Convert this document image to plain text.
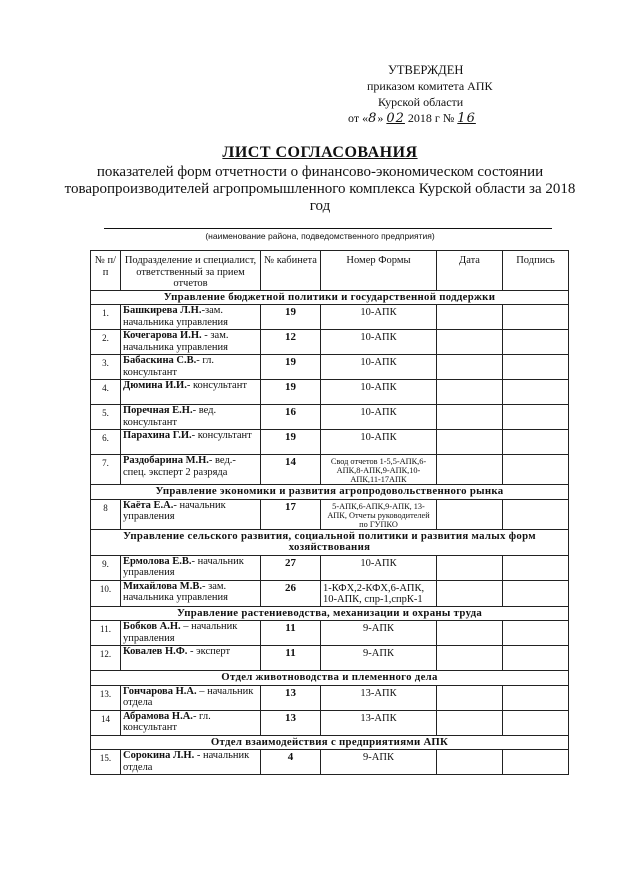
УТВЕРЖДЕН
приказом комитета АПК
Курской области
от «8» 02 2018 г № 16
ЛИСТ СОГЛАСОВАНИЯ
показателей форм отчетности о финансово-экономическом состоянии товаропроизводителей агропромышленного комплекса Курской области за 2018 год
(наименование района, подведомственного предприятия)
№ п/п	Подразделение и специалист, ответственный за прием отчетов	№ кабинета	Номер Формы	Дата	Подпись
Управление бюджетной политики и государственной поддержки					
1.	Башкирева Л.Н.-зам. начальника управления	19	10-АПК		
2.	Кочегарова И.Н. - зам. начальника управления	12	10-АПК		
3.	Бабаскина С.В.- гл. консультант	19	10-АПК		
4.	Дюмина И.И.- консультант	19	10-АПК		
5.	Поречная Е.Н.- вед. консультант	16	10-АПК		
6.	Парахина Г.И.- консультант	19	10-АПК		
7.	Раздобарина М.Н.- вед.-спец. эксперт 2 разряда	14	Свод отчетов 1-5,5-АПК,6-АПК,8-АПК,9-АПК,10-АПК,11-17АПК		
Управление экономики и развития агропродовольственного рынка					
8	Каёта Е.А.- начальник управления	17	5-АПК,6-АПК,9-АПК, 13-АПК, Отчеты руководителей по ГУПКО		
Управление сельского развития, социальной политики и развития малых форм хозяйствования					
9.	Ермолова Е.В.- начальник управления	27	10-АПК		
10.	Михайлова М.В.- зам. начальника управления	26	1-КФХ,2-КФХ,6-АПК, 10-АПК, спр-1,спрК-1		
Управление растениеводства, механизации и охраны труда					
11.	Бобков А.Н. – начальник управления	11	9-АПК		
12.	Ковалев Н.Ф. - эксперт	11	9-АПК		
Отдел животноводства и племенного дела					
13.	Гончарова Н.А. – начальник отдела	13	13-АПК		
14	Абрамова Н.А.- гл. консультант	13	13-АПК		
Отдел взаимодействия с предприятиями АПК					
15.	Сорокина Л.Н. - начальник отдела	4	9-АПК		
